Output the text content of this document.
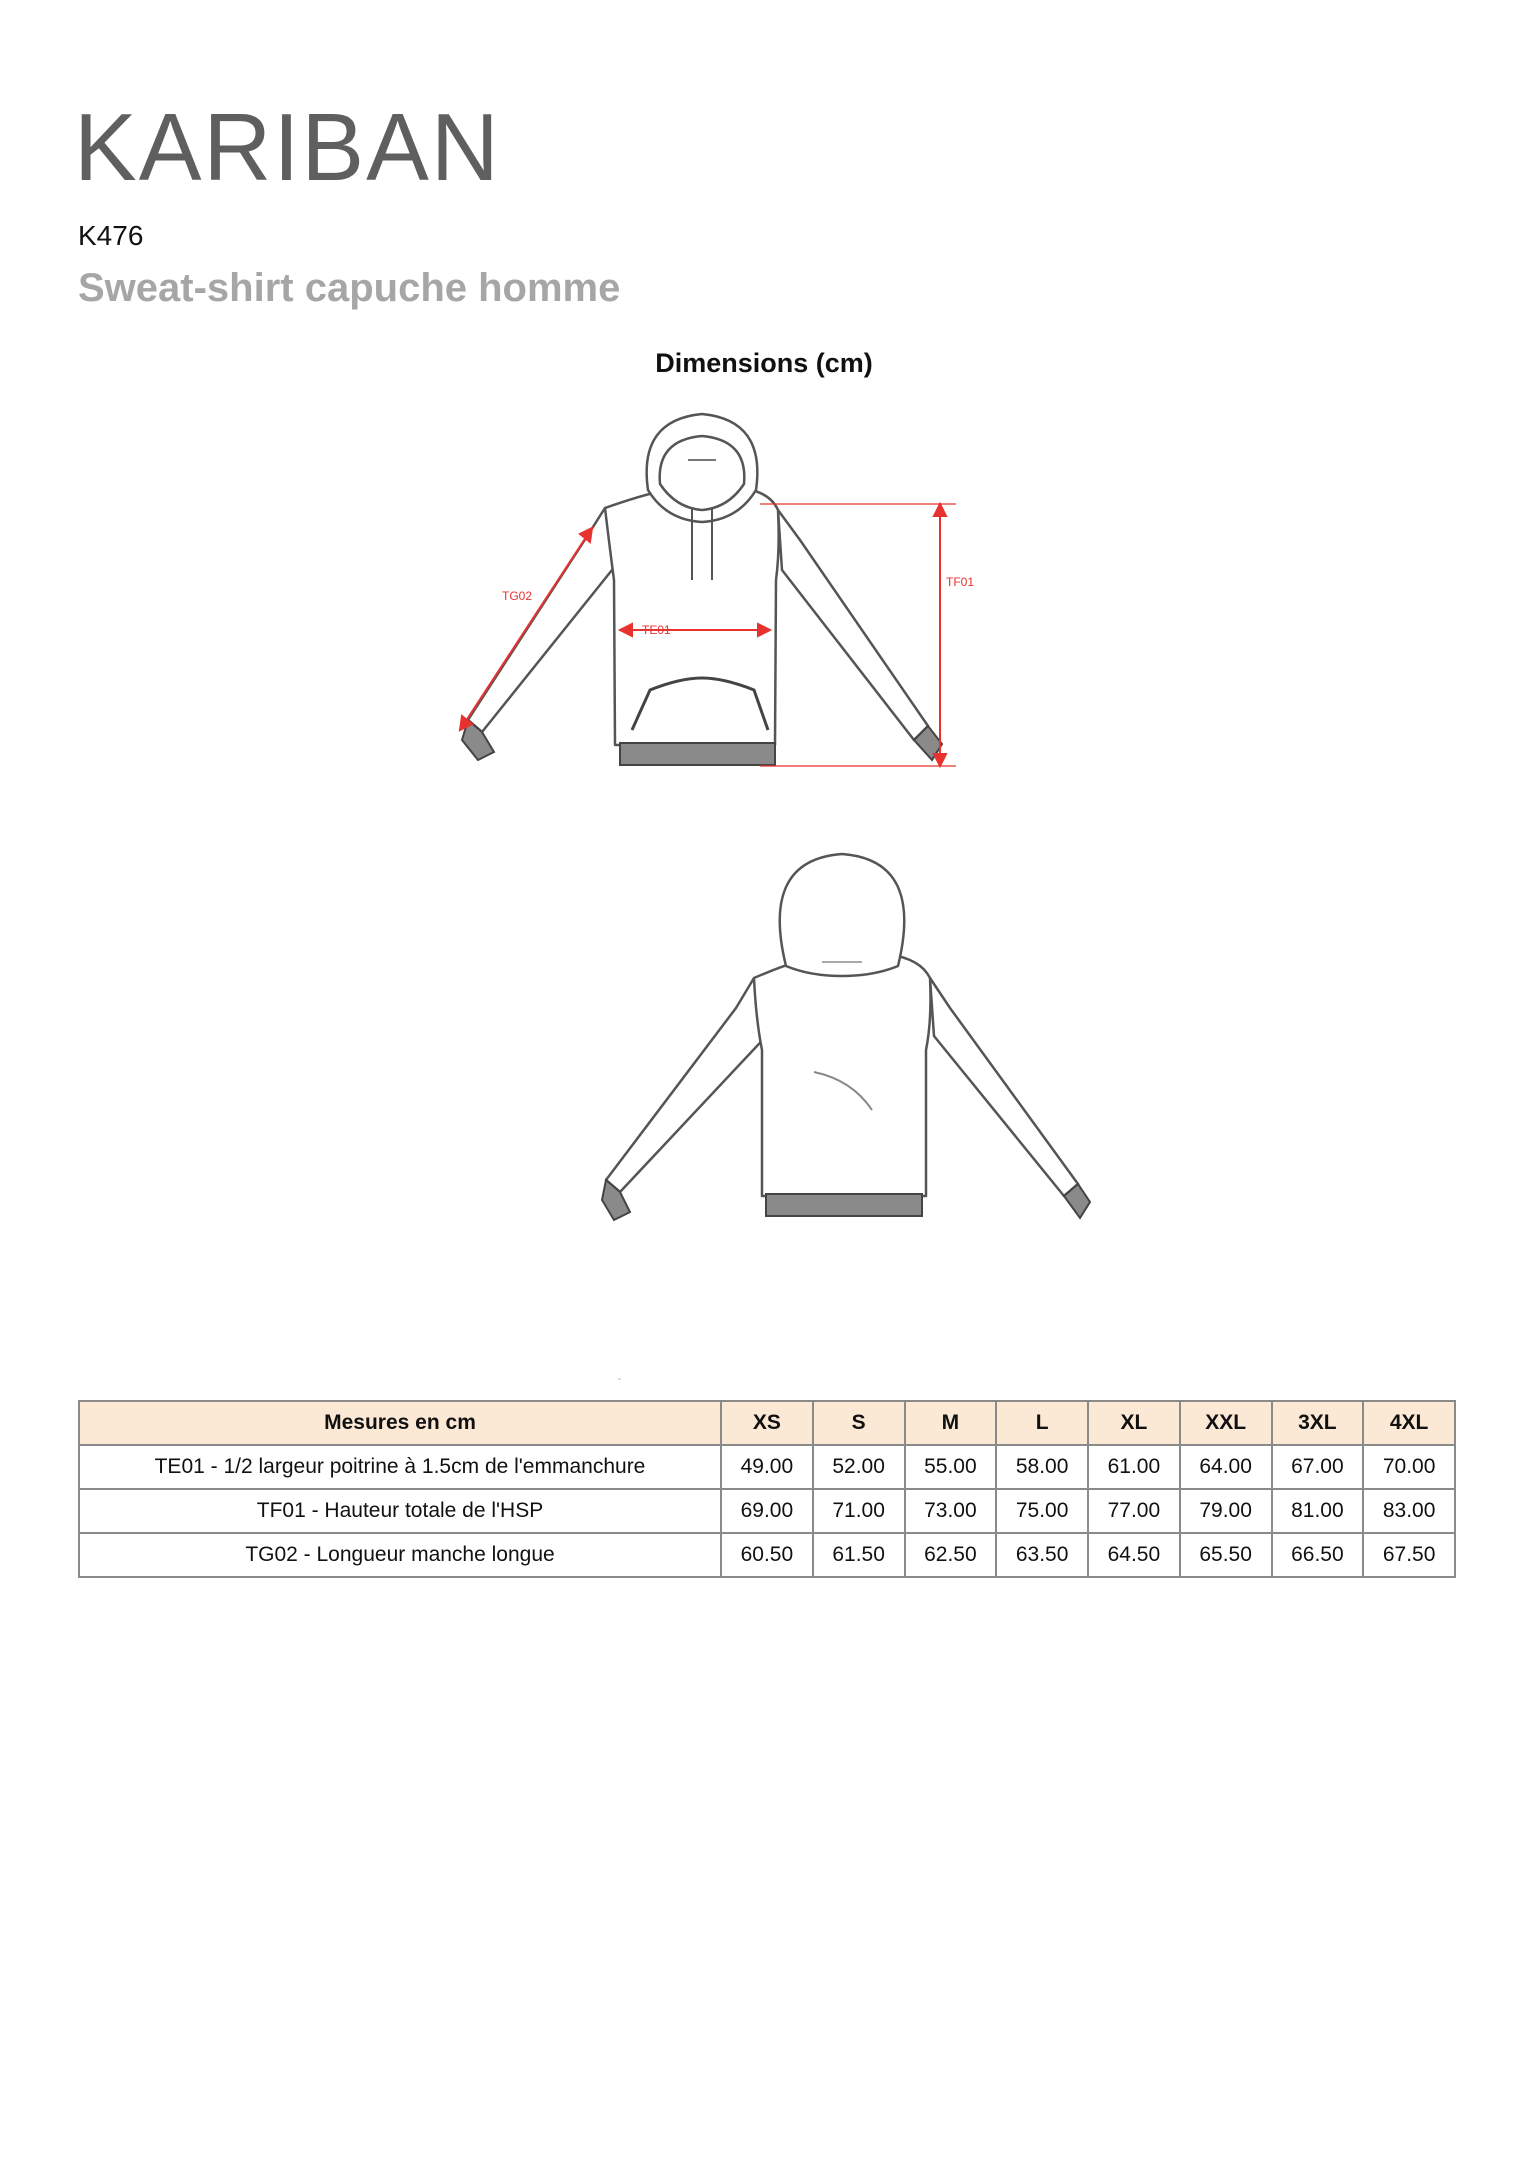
KARIBAN
K476
Sweat-shirt capuche homme
Dimensions (cm)
TE01
TF01
TG02
Mesures en cm	XS	S	M	L	XL	XXL	3XL	4XL
TE01 - 1/2 largeur poitrine à 1.5cm de l'emmanchure	49.00	52.00	55.00	58.00	61.00	64.00	67.00	70.00
TF01 - Hauteur totale de l'HSP	69.00	71.00	73.00	75.00	77.00	79.00	81.00	83.00
TG02 - Longueur manche longue	60.50	61.50	62.50	63.50	64.50	65.50	66.50	67.50
